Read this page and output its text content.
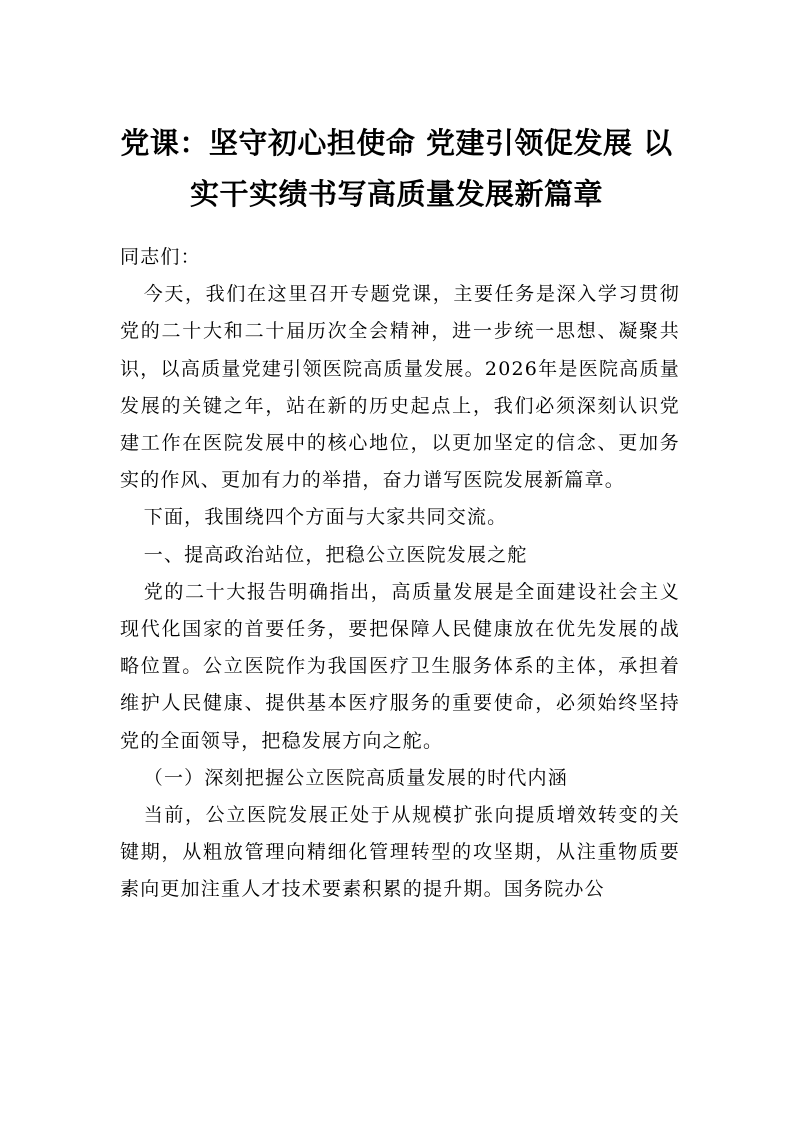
党课：坚守初心担使命 党建引领促发展 以
实干实绩书写高质量发展新篇章

同志们：

今天，我们在这里召开专题党课，主要任务是深入学习贯彻党的二十大和二十届历次全会精神，进一步统一思想、凝聚共识，以高质量党建引领医院高质量发展。2026年是医院高质量发展的关键之年，站在新的历史起点上，我们必须深刻认识党建工作在医院发展中的核心地位，以更加坚定的信念、更加务实的作风、更加有力的举措，奋力谱写医院发展新篇章。

下面，我围绕四个方面与大家共同交流。

一、提高政治站位，把稳公立医院发展之舵

党的二十大报告明确指出，高质量发展是全面建设社会主义现代化国家的首要任务，要把保障人民健康放在优先发展的战略位置。公立医院作为我国医疗卫生服务体系的主体，承担着维护人民健康、提供基本医疗服务的重要使命，必须始终坚持党的全面领导，把稳发展方向之舵。

（一）深刻把握公立医院高质量发展的时代内涵

当前，公立医院发展正处于从规模扩张向提质增效转变的关键期，从粗放管理向精细化管理转型的攻坚期，从注重物质要素向更加注重人才技术要素积累的提升期。国务院办公
